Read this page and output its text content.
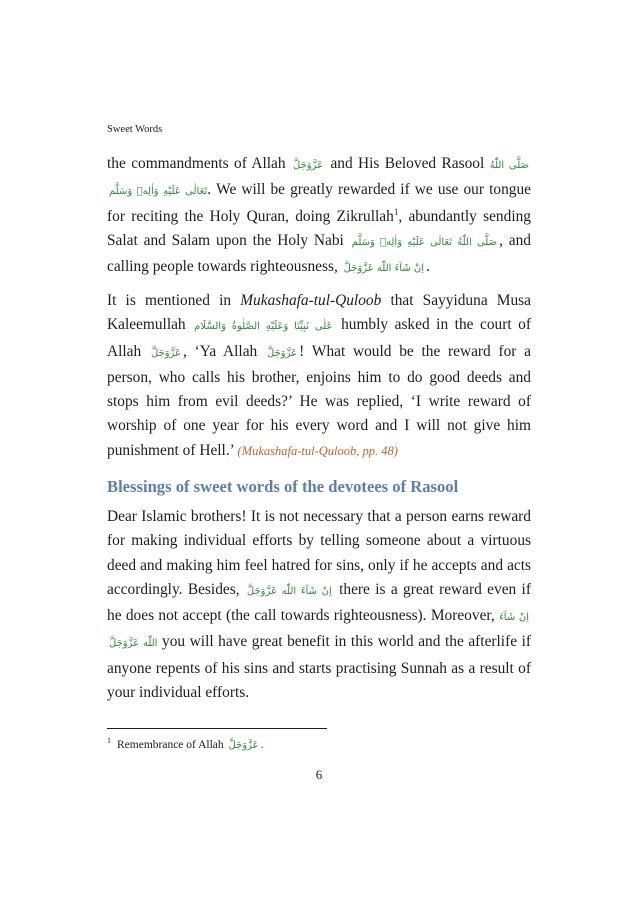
Sweet Words

the commandments of Allah عَزَّوَجَلَّ and His Beloved Rasool صَلَّى اللّٰهُ تَعَالٰى عَلَيْهِ وَاٰلِهٖ وَسَلَّم. We will be greatly rewarded if we use our tongue for reciting the Holy Quran, doing Zikrullah$^1$, abundantly sending Salat and Salam upon the Holy Nabi صَلَّى اللّٰهُ تَعَالٰى عَلَيْهِ وَاٰلِهٖ وَسَلَّم , and calling people towards righteousness, اِنْ شَآءَ اللّٰه عَزَّوَجَلَّ .

It is mentioned in Mukashafa-tul-Quloob that Sayyiduna Musa Kaleemullah عَلٰى نَبِيِّنَا وَعَلَيْهِ الصَّلٰوةُ وَالسَّلَام humbly asked in the court of Allah عَزَّوَجَلَّ , ‘Ya Allah عَزَّوَجَلَّ ! What would be the reward for a person, who calls his brother, enjoins him to do good deeds and stops him from evil deeds?’ He was replied, ‘I write reward of worship of one year for his every word and I will not give him punishment of Hell.’ (Mukashafa-tul-Quloob, pp. 48)

Blessings of sweet words of the devotees of Rasool

Dear Islamic brothers! It is not necessary that a person earns reward for making individual efforts by telling someone about a virtuous deed and making him feel hatred for sins, only if he accepts and acts accordingly. Besides, اِنْ شَآءَ اللّٰه عَزَّوَجَلَّ there is a great reward even if he does not accept (the call towards righteousness). Moreover, اِنْ شَآءَ اللّٰه عَزَّوَجَلَّ you will have great benefit in this world and the afterlife if anyone repents of his sins and starts practising Sunnah as a result of your individual efforts.

$^1$ Remembrance of Allah عَزَّوَجَلَّ .
6
